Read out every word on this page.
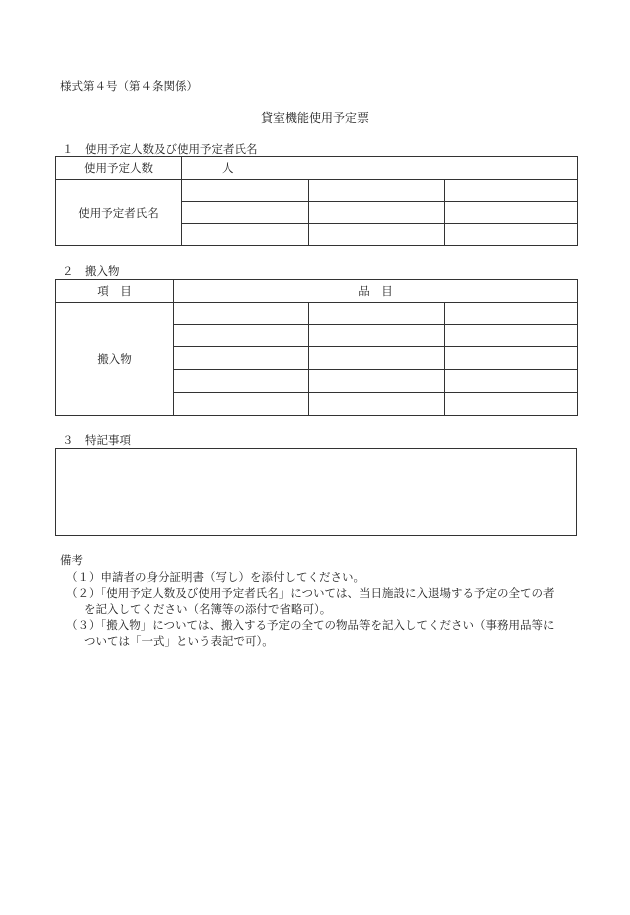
様式第４号（第４条関係）
貸室機能使用予定票
１　使用予定人数及び使用予定者氏名
使用予定人数	人		
使用予定者氏名			

２　搬入物
項　目	品　目		
搬入物			

３　特記事項
備考
（１）申請者の身分証明書（写し）を添付してください。
（２）「使用予定人数及び使用予定者氏名」については、当日施設に入退場する予定の全ての者
を記入してください（名簿等の添付で省略可）。
（３）「搬入物」については、搬入する予定の全ての物品等を記入してください（事務用品等に
ついては「一式」という表記で可）。
